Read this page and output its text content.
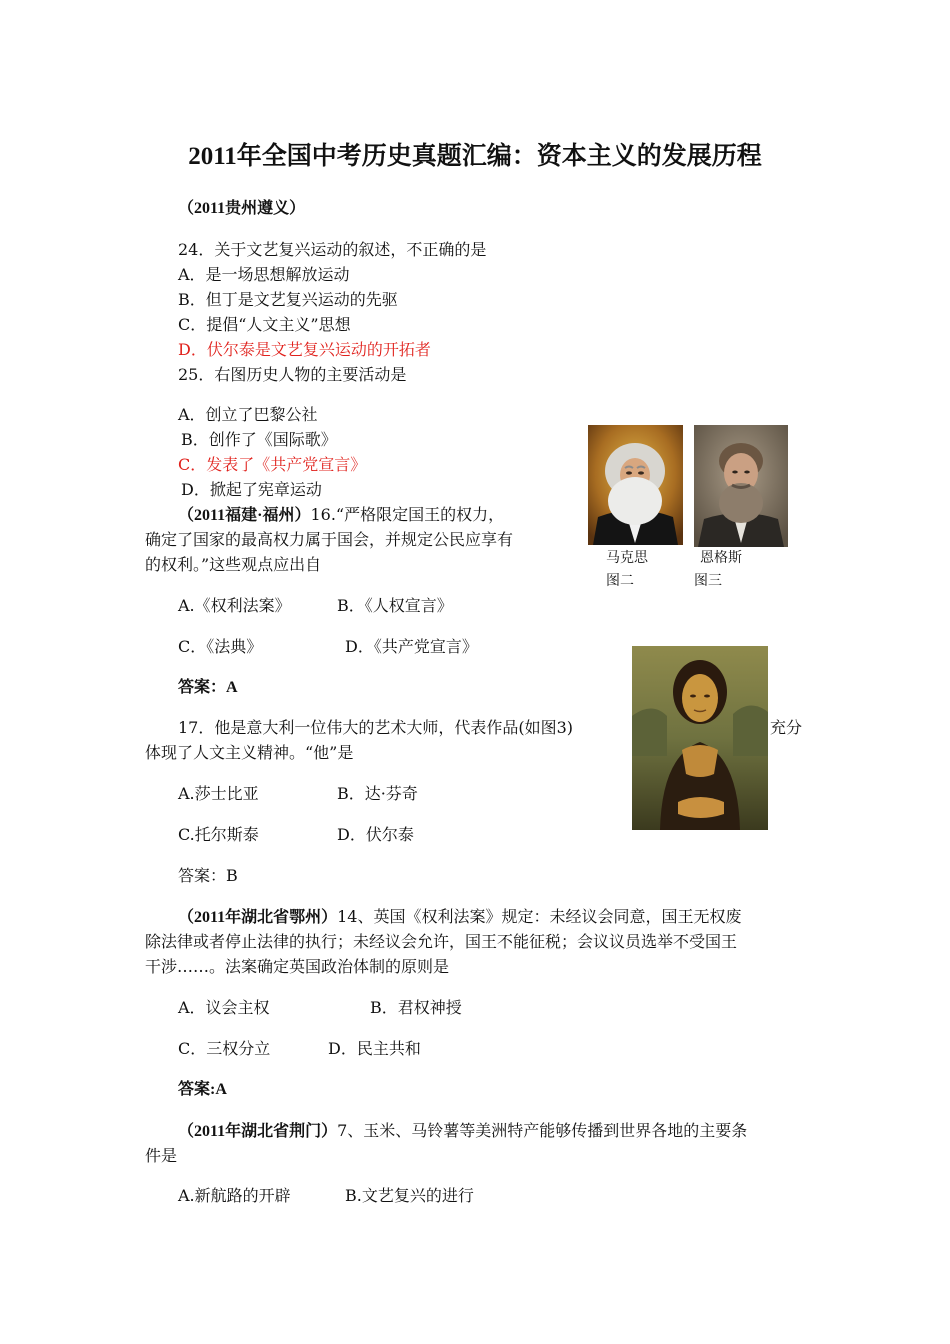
2011年全国中考历史真题汇编：资本主义的发展历程
（2011贵州遵义）
24．关于文艺复兴运动的叙述，不正确的是
A．是一场思想解放运动
B．但丁是文艺复兴运动的先驱
C．提倡“人文主义”思想
D．伏尔泰是文艺复兴运动的开拓者
25．右图历史人物的主要活动是
A．创立了巴黎公社
B．创作了《国际歌》
C．发表了《共产党宣言》
D．掀起了宪章运动
马克思	恩格斯
图二	图三
（2011福建·福州）16.“严格限定国王的权力，
确定了国家的最高权力属于国会，并规定公民应享有
的权利。”这些观点应出自
A.《权利法案》	B．《人权宣言》
C．《法典》	D．《共产党宣言》
答案：A
17．他是意大利一位伟大的艺术大师，代表作品(如图3)	充分
体现了人文主义精神。“他”是
A.莎士比亚	B．达·芬奇
C.托尔斯泰	D．伏尔泰
答案：B
（2011年湖北省鄂州）14、英国《权利法案》规定：未经议会同意，国王无权废
除法律或者停止法律的执行；未经议会允许，国王不能征税；会议议员选举不受国王
干涉……。法案确定英国政治体制的原则是
A．议会主权	B．君权神授
C．三权分立	D．民主共和
答案:A
（2011年湖北省荆门）7、玉米、马铃薯等美洲特产能够传播到世界各地的主要条
件是
A.新航路的开辟	B.文艺复兴的进行
